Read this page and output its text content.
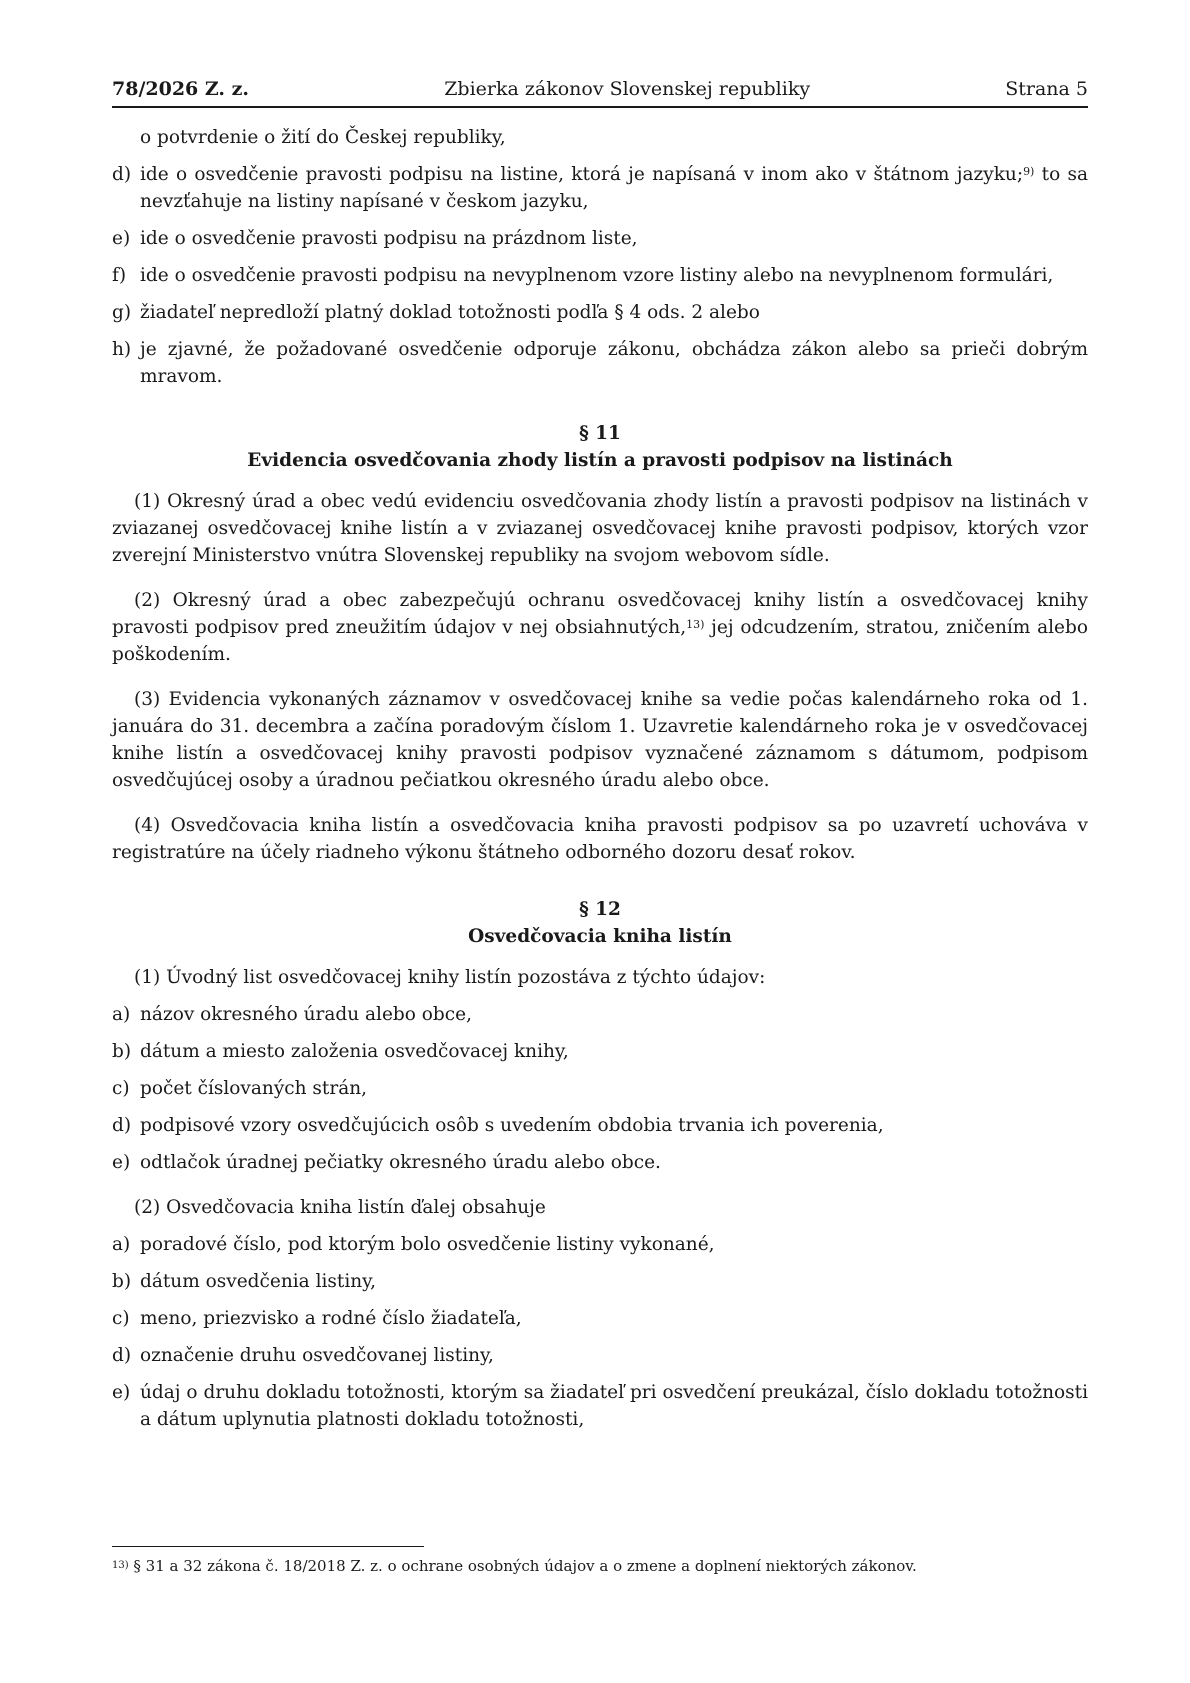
78/2026 Z. z.	Zbierka zákonov Slovenskej republiky	Strana 5
o potvrdenie o žití do Českej republiky,
d) ide o osvedčenie pravosti podpisu na listine, ktorá je napísaná v inom ako v štátnom jazyku;$^{9)}$ to sa nevzťahuje na listiny napísané v českom jazyku,
e) ide o osvedčenie pravosti podpisu na prázdnom liste,
f) ide o osvedčenie pravosti podpisu na nevyplnenom vzore listiny alebo na nevyplnenom formulári,
g) žiadateľ nepredloží platný doklad totožnosti podľa § 4 ods. 2 alebo
h) je zjavné, že požadované osvedčenie odporuje zákonu, obchádza zákon alebo sa prieči dobrým mravom.
§ 11
Evidencia osvedčovania zhody listín a pravosti podpisov na listinách

(1) Okresný úrad a obec vedú evidenciu osvedčovania zhody listín a pravosti podpisov na listinách v zviazanej osvedčovacej knihe listín a v zviazanej osvedčovacej knihe pravosti podpisov, ktorých vzor zverejní Ministerstvo vnútra Slovenskej republiky na svojom webovom sídle.

(2) Okresný úrad a obec zabezpečujú ochranu osvedčovacej knihy listín a osvedčovacej knihy pravosti podpisov pred zneužitím údajov v nej obsiahnutých,$^{13)}$ jej odcudzením, stratou, zničením alebo poškodením.

(3) Evidencia vykonaných záznamov v osvedčovacej knihe sa vedie počas kalendárneho roka od 1. januára do 31. decembra a začína poradovým číslom 1. Uzavretie kalendárneho roka je v osvedčovacej knihe listín a osvedčovacej knihy pravosti podpisov vyznačené záznamom s dátumom, podpisom osvedčujúcej osoby a úradnou pečiatkou okresného úradu alebo obce.

(4) Osvedčovacia kniha listín a osvedčovacia kniha pravosti podpisov sa po uzavretí uchováva v registratúre na účely riadneho výkonu štátneho odborného dozoru desať rokov.

§ 12
Osvedčovacia kniha listín
(1) Úvodný list osvedčovacej knihy listín pozostáva z týchto údajov:
a) názov okresného úradu alebo obce,
b) dátum a miesto založenia osvedčovacej knihy,
c) počet číslovaných strán,
d) podpisové vzory osvedčujúcich osôb s uvedením obdobia trvania ich poverenia,
e) odtlačok úradnej pečiatky okresného úradu alebo obce.
(2) Osvedčovacia kniha listín ďalej obsahuje
a) poradové číslo, pod ktorým bolo osvedčenie listiny vykonané,
b) dátum osvedčenia listiny,
c) meno, priezvisko a rodné číslo žiadateľa,
d) označenie druhu osvedčovanej listiny,
e) údaj o druhu dokladu totožnosti, ktorým sa žiadateľ pri osvedčení preukázal, číslo dokladu totožnosti a dátum uplynutia platnosti dokladu totožnosti,
$^{13)}$ § 31 a 32 zákona č. 18/2018 Z. z. o ochrane osobných údajov a o zmene a doplnení niektorých zákonov.
